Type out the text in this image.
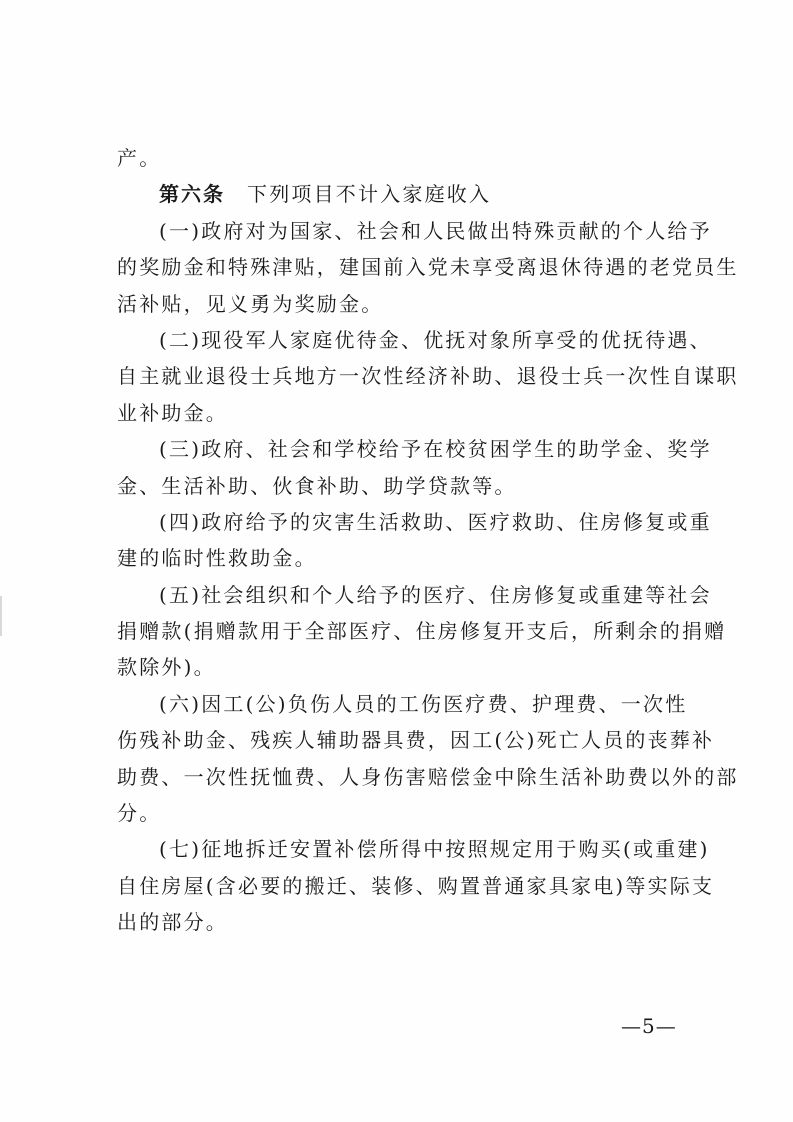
产。
第六条 下列项目不计入家庭收入
(一)政府对为国家、社会和人民做出特殊贡献的个人给予
的奖励金和特殊津贴，建国前入党未享受离退休待遇的老党员生
活补贴，见义勇为奖励金。
(二)现役军人家庭优待金、优抚对象所享受的优抚待遇、
自主就业退役士兵地方一次性经济补助、退役士兵一次性自谋职
业补助金。
(三)政府、社会和学校给予在校贫困学生的助学金、奖学
金、生活补助、伙食补助、助学贷款等。
(四)政府给予的灾害生活救助、医疗救助、住房修复或重
建的临时性救助金。
(五)社会组织和个人给予的医疗、住房修复或重建等社会
捐赠款(捐赠款用于全部医疗、住房修复开支后，所剩余的捐赠
款除外)。
(六)因工(公)负伤人员的工伤医疗费、护理费、一次性
伤残补助金、残疾人辅助器具费，因工(公)死亡人员的丧葬补
助费、一次性抚恤费、人身伤害赔偿金中除生活补助费以外的部
分。
(七)征地拆迁安置补偿所得中按照规定用于购买(或重建)
自住房屋(含必要的搬迁、装修、购置普通家具家电)等实际支
出的部分。
—5—
